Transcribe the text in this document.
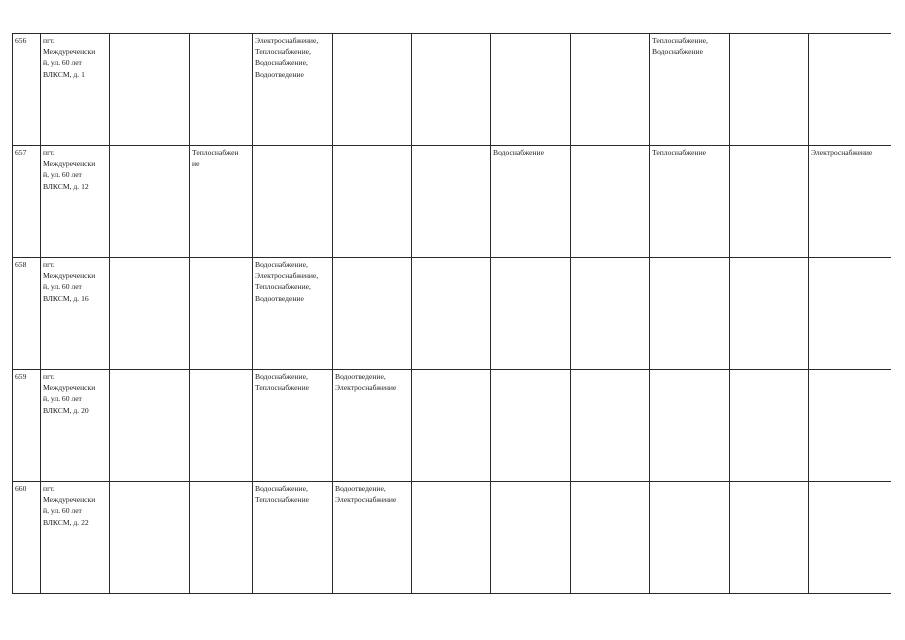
656	пгт.
Междуреченски
й, ул. 60 лет
ВЛКСМ, д. 1			Электроснабжение,
Теплоснабжение,
Водоснабжение,
Водоотведение					Теплоснабжение,
Водоснабжение		
657	пгт.
Междуреченски
й, ул. 60 лет
ВЛКСМ, д. 12		Теплоснабжен
ие				Водоснабжение		Теплоснабжение		Электроснабжение
658	пгт.
Междуреченски
й, ул. 60 лет
ВЛКСМ, д. 16			Водоснабжение,
Электроснабжение,
Теплоснабжение,
Водоотведение							
659	пгт.
Междуреченски
й, ул. 60 лет
ВЛКСМ, д. 20			Водоснабжение,
Теплоснабжение	Водоотведение,
Электроснабжение						
660	пгт.
Междуреченски
й, ул. 60 лет
ВЛКСМ, д. 22			Водоснабжение,
Теплоснабжение	Водоотведение,
Электроснабжение						
